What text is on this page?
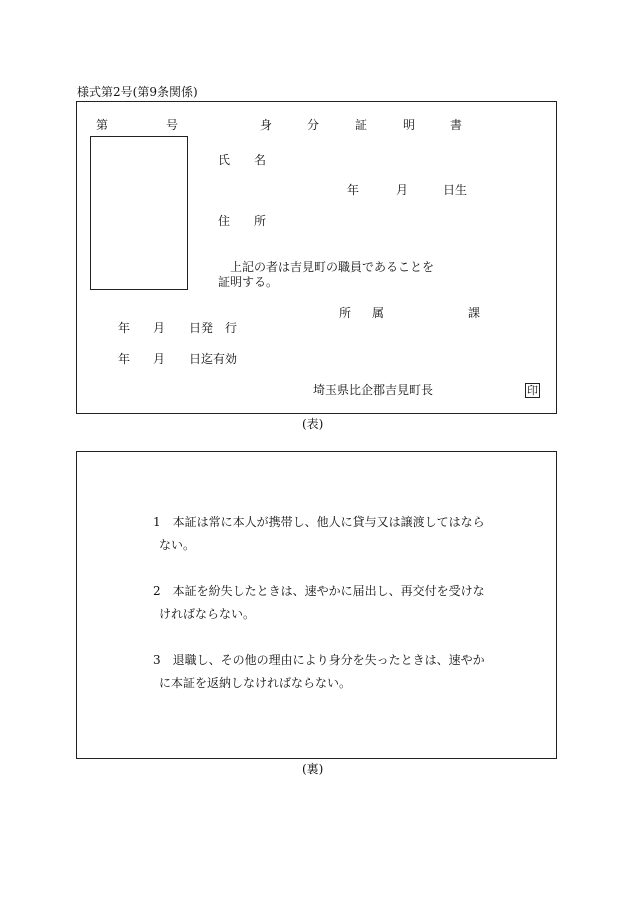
様式第2号(第9条関係)
第	号	身	分	証	明	書
氏 名
年	月	日生
住 所
上記の者は吉見町の職員であることを
証明する。
所 属	課
年 月 日発　行
年 月 日迄有効
埼玉県比企郡吉見町長	印
(表)
1　本証は常に本人が携帯し、他人に貸与又は譲渡してはなら
ない。
2　本証を紛失したときは、速やかに届出し、再交付を受けな
ければならない。
3　退職し、その他の理由により身分を失ったときは、速やか
に本証を返納しなければならない。
(裏)
